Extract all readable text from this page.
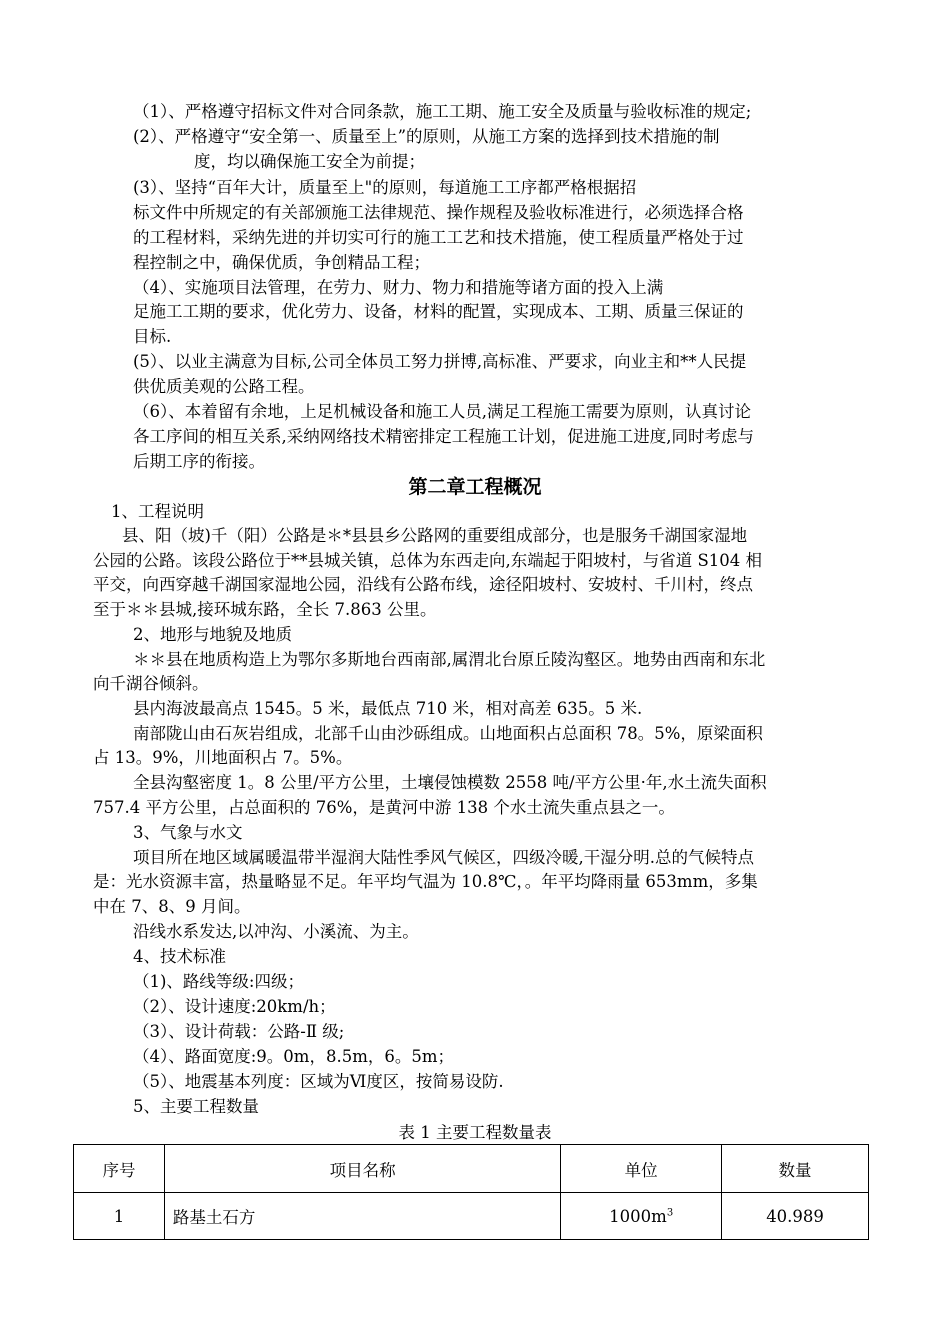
（1）、严格遵守招标文件对合同条款，施工工期、施工安全及质量与验收标准的规定;
(2）、严格遵守“安全第一、质量至上”的原则，从施工方案的选择到技术措施的制
度，均以确保施工安全为前提；
(3）、坚持“百年大计，质量至上"的原则，每道施工工序都严格根据招
标文件中所规定的有关部颁施工法律规范、操作规程及验收标准进行，必须选择合格
的工程材料，采纳先进的并切实可行的施工工艺和技术措施，使工程质量严格处于过
程控制之中，确保优质，争创精品工程；
（4）、实施项目法管理，在劳力、财力、物力和措施等诸方面的投入上满
足施工工期的要求，优化劳力、设备，材料的配置，实现成本、工期、质量三保证的
目标.
(5）、以业主满意为目标,公司全体员工努力拼博,高标准、严要求，向业主和**人民提
供优质美观的公路工程。
（6）、本着留有余地，上足机械设备和施工人员,满足工程施工需要为原则，认真讨论
各工序间的相互关系,采纳网络技术精密排定工程施工计划，促进施工进度,同时考虑与
后期工序的衔接。
第二章工程概况
1、工程说明
县、阳（坡)千（阳）公路是＊*县县乡公路网的重要组成部分，也是服务千湖国家湿地
公园的公路。该段公路位于**县城关镇，总体为东西走向,东端起于阳坡村，与省道 S104 相
平交，向西穿越千湖国家湿地公园，沿线有公路布线，途径阳坡村、安坡村、千川村，终点
至于＊＊县城,接环城东路，全长 7.863 公里。
2、地形与地貌及地质
＊＊县在地质构造上为鄂尔多斯地台西南部,属渭北台原丘陵沟壑区。地势由西南和东北
向千湖谷倾斜。
县内海波最高点 1545。5 米，最低点 710 米，相对高差 635。5 米.
南部陇山由石灰岩组成，北部千山由沙砾组成。山地面积占总面积 78。5%，原梁面积
占 13。9%，川地面积占 7。5%。
全县沟壑密度 1。8 公里/平方公里，土壤侵蚀模数 2558 吨/平方公里·年,水土流失面积
757.4 平方公里，占总面积的 76%，是黄河中游 138 个水土流失重点县之一。
3、气象与水文
项目所在地区域属暖温带半湿润大陆性季风气候区，四级冷暖,干湿分明.总的气候特点
是：光水资源丰富，热量略显不足。年平均气温为 10.8℃，。年平均降雨量 653mm，多集
中在 7、8、9 月间。
沿线水系发达,以冲沟、小溪流、为主。
4、技术标准
（1)、路线等级:四级；
（2）、设计速度:20km/h；
（3）、设计荷载：公路-Ⅱ 级;
（4）、路面宽度:9。0m，8.5m，6。5m；
（5）、地震基本列度：区域为Ⅵ度区，按简易设防.
5、主要工程数量
表 1 主要工程数量表
序号	项目名称	单位	数量
1	路基土石方	$1000m^3$	40.989
